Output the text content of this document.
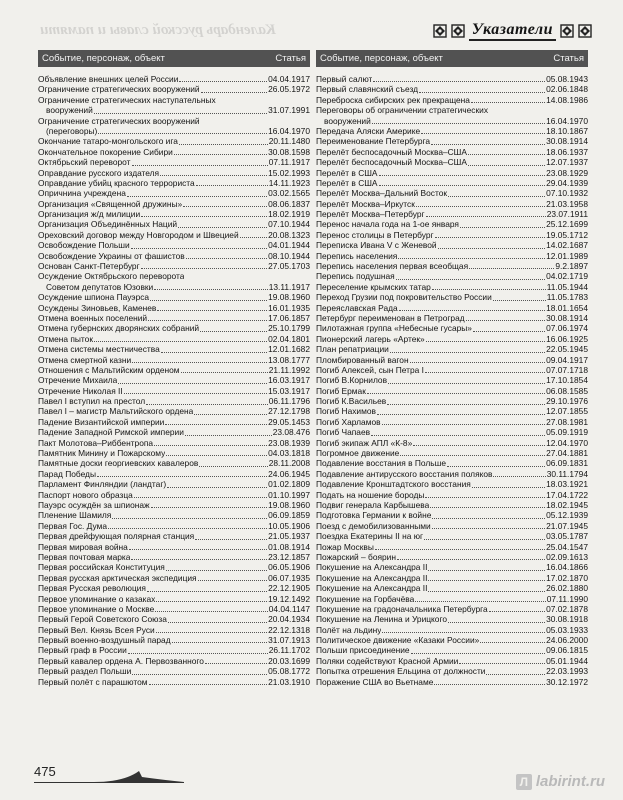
Календарь русской славы и памяти	Указатели
Событие, персонаж, объект	Статья
Объявление внешних целей России	04.04.1917
Ограничение стратегических вооружений	26.05.1972
Ограничение стратегических наступательных
вооружений	31.07.1991
Ограничение стратегических вооружений
(переговоры)	16.04.1970
Окончание татаро-монгольского ига	20.11.1480
Окончательное покорение Сибири	30.08.1598
Октябрьский переворот	07.11.1917
Оправдание русского издателя	15.02.1993
Оправдание убийц красного террориста	14.11.1923
Опричнина учреждена	03.02.1565
Организация «Священной дружины»	08.06.1837
Организация ж/д милиции	18.02.1919
Организация Объединённых Наций	07.10.1944
Ореховский договор между Новгородом и Швецией	20.08.1323
Освобождение Польши	04.01.1944
Освобождение Украины от фашистов	08.10.1944
Основан Санкт-Петербург	27.05.1703
Осуждение Октябрьского переворота
Советом депутатов Юзовки	13.11.1917
Осуждение шпиона Пауэрса	19.08.1960
Осуждены Зиновьев, Каменев	16.01.1935
Отмена военных поселений	17.06.1857
Отмена губернских дворянских собраний	25.10.1799
Отмена пыток	02.04.1801
Отмена системы местничества	12.01.1682
Отмена смертной казни	13.08.1777
Отношения с Мальтийским орденом	21.11.1992
Отречение Михаила	16.03.1917
Отречение Николая II	15.03.1917
Павел I вступил на престол	06.11.1796
Павел I – магистр Мальтийского ордена	27.12.1798
Падение Византийской империи	29.05.1453
Падение Западной Римской империи	23.08.476
Пакт Молотова–Риббентропа	23.08.1939
Памятник Минину и Пожарскому	04.03.1818
Памятные доски георгиевских кавалеров	28.11.2008
Парад Победы	24.06.1945
Парламент Финляндии (ландтаг)	01.02.1809
Паспорт нового образца	01.10.1997
Пауэрс осуждён за шпионаж	19.08.1960
Пленение Шамиля	06.09.1859
Первая Гос. Дума	10.05.1906
Первая дрейфующая полярная станция	21.05.1937
Первая мировая война	01.08.1914
Первая почтовая марка	23.12.1857
Первая российская Конституция	06.05.1906
Первая русская арктическая экспедиция	06.07.1935
Первая Русская революция	22.12.1905
Первое упоминание о казаках	19.12.1492
Первое упоминание о Москве	04.04.1147
Первый Герой Советского Союза	20.04.1934
Первый Вел. Князь Всея Руси	22.12.1318
Первый военно-воздушный парад	31.07.1913
Первый граф в России	26.11.1702
Первый кавалер ордена А. Первозванного	20.03.1699
Первый раздел Польши	05.08.1772
Первый полёт с парашютом	21.03.1910
Событие, персонаж, объект	Статья
Первый салют	05.08.1943
Первый славянский съезд	02.06.1848
Переброска сибирских рек прекращена	14.08.1986
Переговоры об ограничении стратегических
вооружений	16.04.1970
Передача Аляски Америке	18.10.1867
Переименование Петербурга	30.08.1914
Перелёт беспосадочный Москва–США	18.06.1937
Перелёт беспосадочный Москва–США	12.07.1937
Перелёт в США	23.08.1929
Перелёт в США	29.04.1939
Перелёт Москва–Дальний Восток	07.10.1932
Перелёт Москва–Иркутск	21.03.1958
Перелёт Москва–Петербург	23.07.1911
Перенос начала года на 1-ое января	25.12.1699
Перенос столицы в Петербург	19.05.1712
Переписка Ивана V с Женевой	14.02.1687
Перепись населения	12.01.1989
Перепись населения первая всеобщая	9.2.1897
Перепись подушная	04.02.1719
Переселение крымских татар	11.05.1944
Переход Грузии под покровительство России	11.05.1783
Переяславская Рада	18.01.1654
Петербург переименован в Петроград	30.08.1914
Пилотажная группа «Небесные гусары»	07.06.1974
Пионерский лагерь «Артек»	16.06.1925
План репатриации	22.05.1945
Пломбированный вагон	09.04.1917
Погиб Алексей, сын Петра I	07.07.1718
Погиб В.Корнилов	17.10.1854
Погиб Ермак	06.08.1585
Погиб К.Васильев	29.10.1976
Погиб Нахимов	12.07.1855
Погиб Харламов	27.08.1981
Погиб Чапаев	05.09.1919
Погиб экипаж АПЛ «К-8»	12.04.1970
Погромное движение	27.04.1881
Подавление восстания в Польше	06.09.1831
Подавление антирусского восстания поляков	30.11.1794
Подавление Кронштадтского восстания	18.03.1921
Подать на ношение бороды	17.04.1722
Подвиг генерала Карбышева	18.02.1945
Подготовка Германии к войне	05.12.1939
Поезд с демобилизованными	21.07.1945
Поездка Екатерины II на юг	03.05.1787
Пожар Москвы	25.04.1547
Пожарский – боярин	02.09.1613
Покушение на Александра II	16.04.1866
Покушение на Александра II	17.02.1870
Покушение на Александра II	26.02.1880
Покушение на Горбачёва	07.11.1990
Покушение на градоначальника Петербурга	07.02.1878
Покушение на Ленина и Урицкого	30.08.1918
Полёт на льдину	05.03.1933
Политическое движение «Казаки России»	24.06.2000
Польши присоединение	09.06.1815
Поляки содействуют Красной Армии	05.01.1944
Попытка отрешения Ельцина от должности	22.03.1993
Поражение США во Вьетнаме	30.12.1972
475
Л labirint.ru
